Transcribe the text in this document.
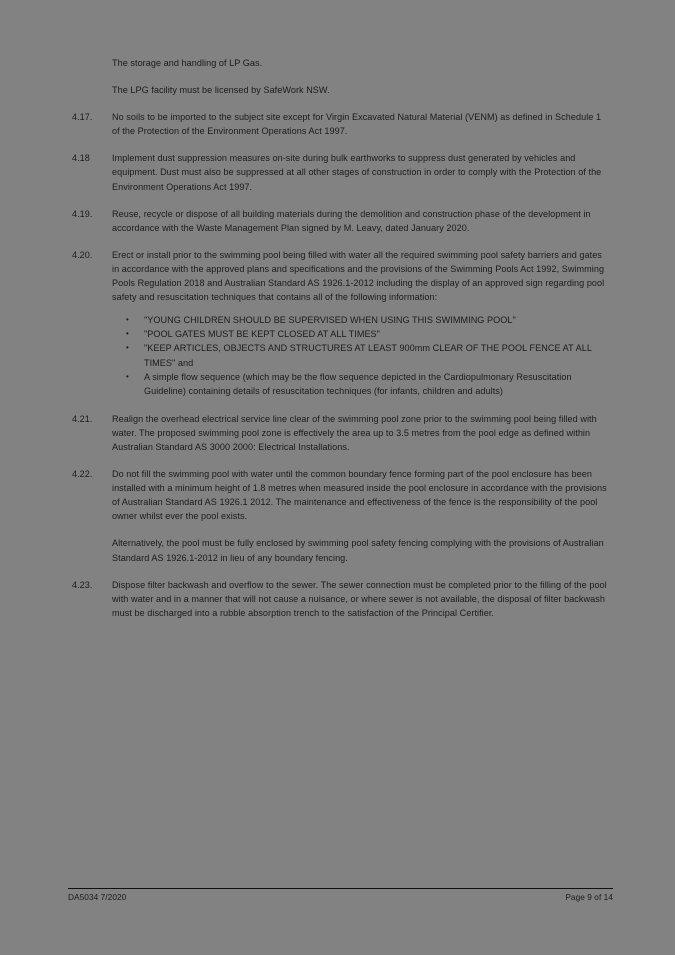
The storage and handling of LP Gas.
The LPG facility must be licensed by SafeWork NSW.
4.17.	No soils to be imported to the subject site except for Virgin Excavated Natural Material (VENM) as defined in Schedule 1 of the Protection of the Environment Operations Act 1997.
4.18	Implement dust suppression measures on-site during bulk earthworks to suppress dust generated by vehicles and equipment. Dust must also be suppressed at all other stages of construction in order to comply with the Protection of the Environment Operations Act 1997.
4.19.	Reuse, recycle or dispose of all building materials during the demolition and construction phase of the development in accordance with the Waste Management Plan signed by M. Leavy, dated January 2020.
4.20.	Erect or install prior to the swimming pool being filled with water all the required swimming pool safety barriers and gates in accordance with the approved plans and specifications and the provisions of the Swimming Pools Act 1992, Swimming Pools Regulation 2018 and Australian Standard AS 1926.1-2012 including the display of an approved sign regarding pool safety and resuscitation techniques that contains all of the following information:
•	"YOUNG CHILDREN SHOULD BE SUPERVISED WHEN USING THIS SWIMMING POOL"
•	"POOL GATES MUST BE KEPT CLOSED AT ALL TIMES"
•	"KEEP ARTICLES, OBJECTS AND STRUCTURES AT LEAST 900mm CLEAR OF THE POOL FENCE AT ALL TIMES" and
•	A simple flow sequence (which may be the flow sequence depicted in the Cardiopulmonary Resuscitation Guideline) containing details of resuscitation techniques (for infants, children and adults)
4.21.	Realign the overhead electrical service line clear of the swimming pool zone prior to the swimming pool being filled with water. The proposed swimming pool zone is effectively the area up to 3.5 metres from the pool edge as defined within Australian Standard AS 3000 2000: Electrical Installations.
4.22.	Do not fill the swimming pool with water until the common boundary fence forming part of the pool enclosure has been installed with a minimum height of 1.8 metres when measured inside the pool enclosure in accordance with the provisions of Australian Standard AS 1926.1 2012. The maintenance and effectiveness of the fence is the responsibility of the pool owner whilst ever the pool exists.
Alternatively, the pool must be fully enclosed by swimming pool safety fencing complying with the provisions of Australian Standard AS 1926.1-2012 in lieu of any boundary fencing.
4.23.	Dispose filter backwash and overflow to the sewer. The sewer connection must be completed prior to the filling of the pool with water and in a manner that will not cause a nuisance, or where sewer is not available, the disposal of filter backwash must be discharged into a rubble absorption trench to the satisfaction of the Principal Certifier.
DA5034 7/2020	Page 9 of 14
